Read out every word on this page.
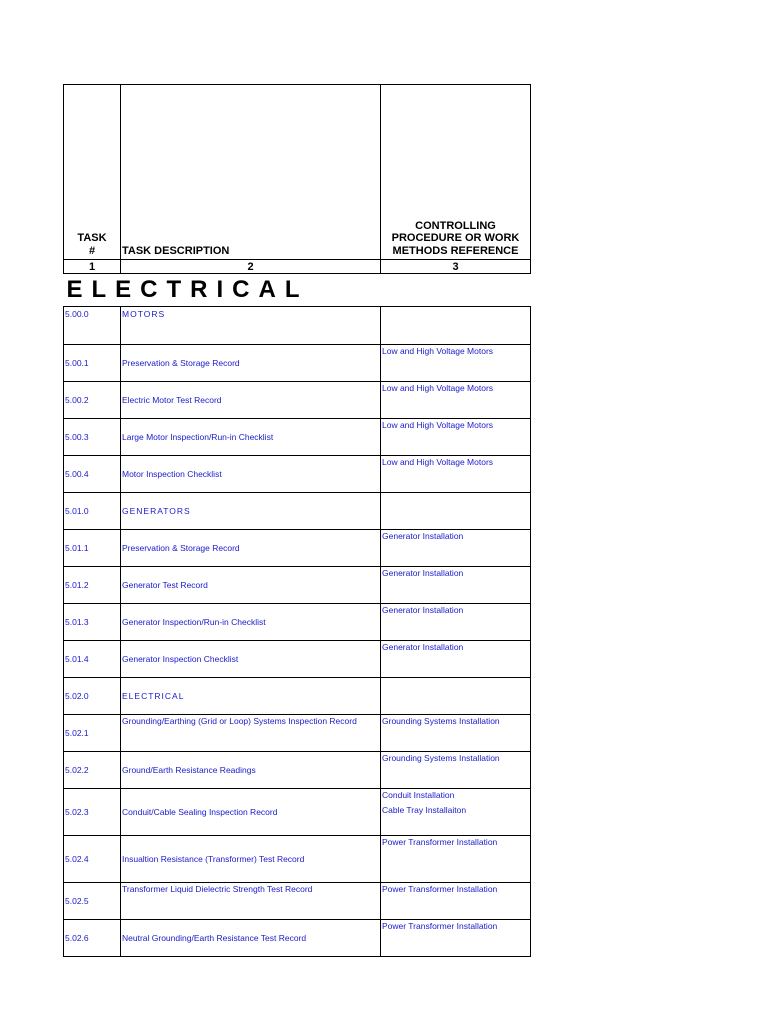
TASK
#	TASK DESCRIPTION	CONTROLLING PROCEDURE OR WORK METHODS REFERENCE
1	2	3
ELECTRICAL		
5.00.0	MOTORS	
5.00.1	Preservation & Storage Record	Low and High Voltage Motors
5.00.2	Electric Motor Test Record	Low and High Voltage Motors
5.00.3	Large Motor Inspection/Run-in Checklist	Low and High Voltage Motors
5.00.4	Motor Inspection Checklist	Low and High Voltage Motors
5.01.0	GENERATORS	
5.01.1	Preservation & Storage Record	Generator Installation
5.01.2	Generator Test Record	Generator Installation
5.01.3	Generator Inspection/Run-in Checklist	Generator Installation
5.01.4	Generator Inspection Checklist	Generator Installation
5.02.0	ELECTRICAL	
5.02.1	Grounding/Earthing (Grid or Loop) Systems Inspection Record	Grounding Systems Installation
5.02.2	Ground/Earth Resistance Readings	Grounding Systems Installation
5.02.3	Conduit/Cable Sealing Inspection Record	Conduit Installation
Cable Tray Installaiton
5.02.4	Insualtion Resistance (Transformer) Test Record	Power Transformer Installation
5.02.5	Transformer Liquid Dielectric Strength Test Record	Power Transformer Installation
5.02.6	Neutral Grounding/Earth Resistance Test Record	Power Transformer Installation
